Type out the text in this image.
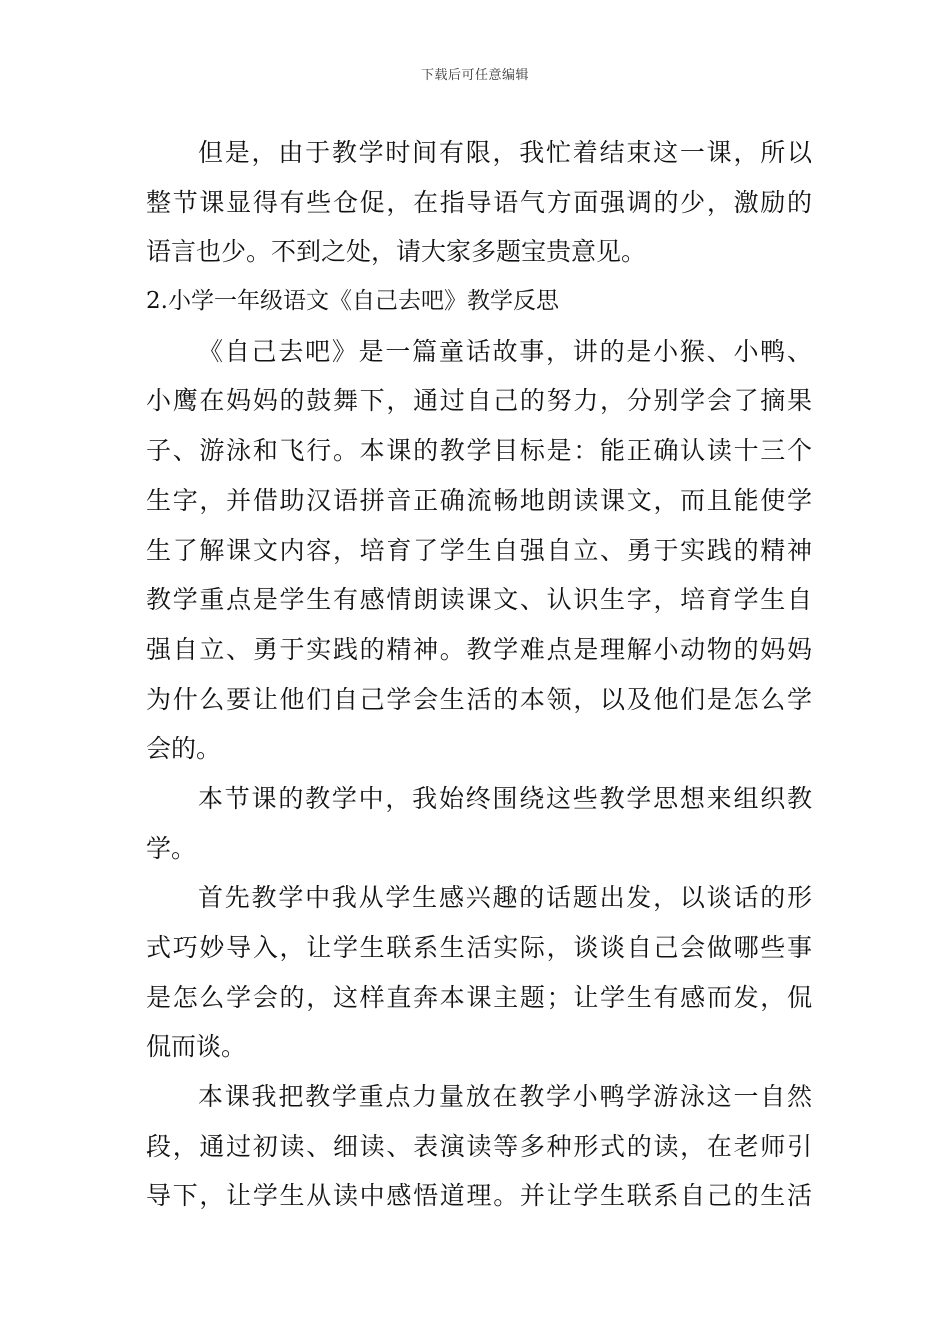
下载后可任意编辑
但是，由于教学时间有限，我忙着结束这一课，所以
整节课显得有些仓促，在指导语气方面强调的少，激励的
语言也少。不到之处，请大家多题宝贵意见。
2.小学一年级语文《自己去吧》教学反思
《自己去吧》是一篇童话故事，讲的是小猴、小鸭、
小鹰在妈妈的鼓舞下，通过自己的努力，分别学会了摘果
子、游泳和飞行。本课的教学目标是：能正确认读十三个
生字，并借助汉语拼音正确流畅地朗读课文，而且能使学
生了解课文内容，培育了学生自强自立、勇于实践的精神
教学重点是学生有感情朗读课文、认识生字，培育学生自
强自立、勇于实践的精神。教学难点是理解小动物的妈妈
为什么要让他们自己学会生活的本领，以及他们是怎么学
会的。
本节课的教学中，我始终围绕这些教学思想来组织教
学。
首先教学中我从学生感兴趣的话题出发，以谈话的形
式巧妙导入，让学生联系生活实际，谈谈自己会做哪些事
是怎么学会的，这样直奔本课主题；让学生有感而发，侃
侃而谈。
本课我把教学重点力量放在教学小鸭学游泳这一自然
段，通过初读、细读、表演读等多种形式的读，在老师引
导下，让学生从读中感悟道理。并让学生联系自己的生活
